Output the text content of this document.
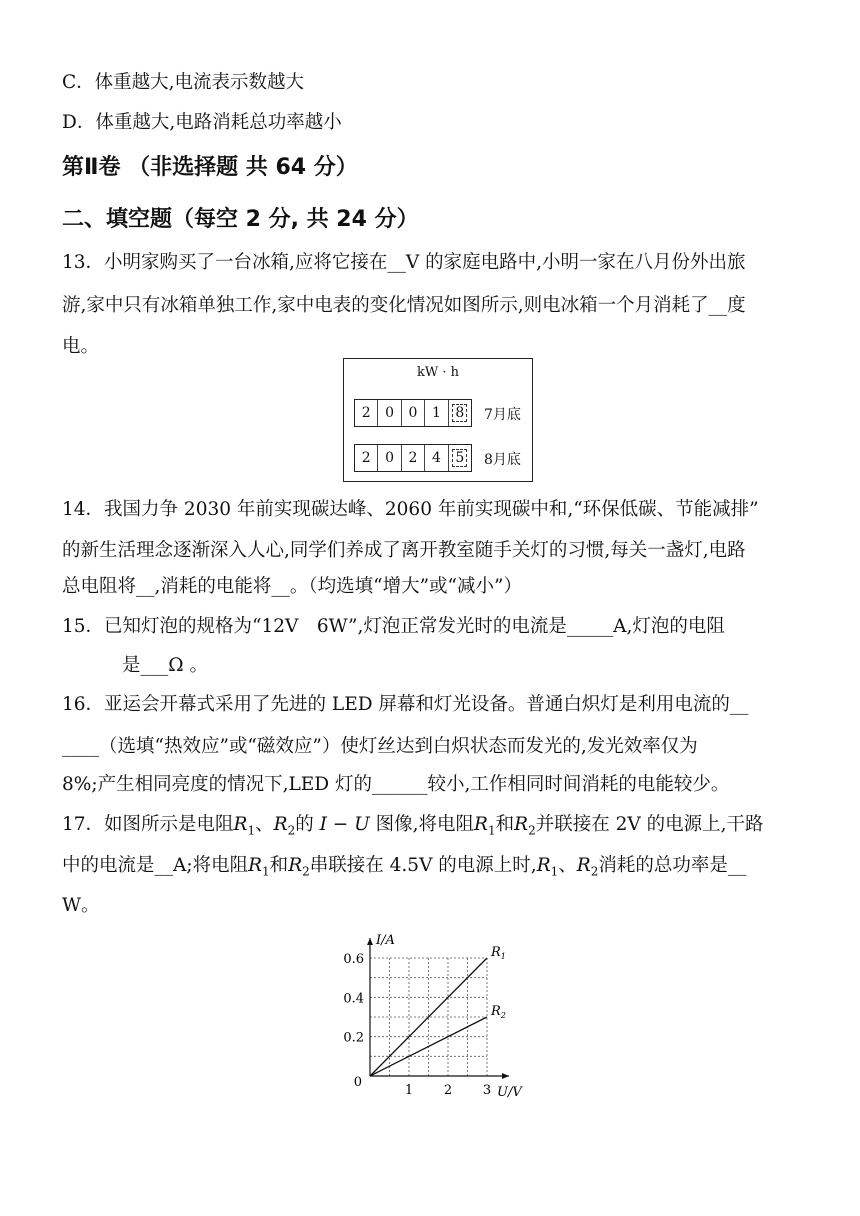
C．体重越大,电流表示数越大
D．体重越大,电路消耗总功率越小
第Ⅱ卷 （非选择题 共 64 分）
二、填空题（每空 2 分, 共 24 分）
13．小明家购买了一台冰箱,应将它接在__V 的家庭电路中,小明一家在八月份外出旅
游,家中只有冰箱单独工作,家中电表的变化情况如图所示,则电冰箱一个月消耗了__度
电。
kW · h
2	0	0	1	8 7月底
2	0	2	4	5 8月底
14．我国力争 2030 年前实现碳达峰、2060 年前实现碳中和,“环保低碳、节能减排”
的新生活理念逐渐深入人心,同学们养成了离开教室随手关灯的习惯,每关一盏灯,电路
总电阻将__,消耗的电能将__。（均选填“增大”或“减小”）
15．已知灯泡的规格为“12V　6W”,灯泡正常发光时的电流是_____A,灯泡的电阻
是___Ω 。
16．亚运会开幕式采用了先进的 LED 屏幕和灯光设备。普通白炽灯是利用电流的__
____（选填“热效应”或“磁效应”）使灯丝达到白炽状态而发光的,发光效率仅为
8%;产生相同亮度的情况下,LED 灯的______较小,工作相同时间消耗的电能较少。
17．如图所示是电阻$R_1$、$R_2$的 I − U 图像,将电阻$R_1$和$R_2$并联接在 2V 的电源上,干路
中的电流是__A;将电阻$R_1$和$R_2$串联接在 4.5V 的电源上时$,R_1$、$R_2$消耗的总功率是__
W。
1 2 3
0.2
0.4
0.6
0
I/A
U/V
$R_1$
$R_2$
